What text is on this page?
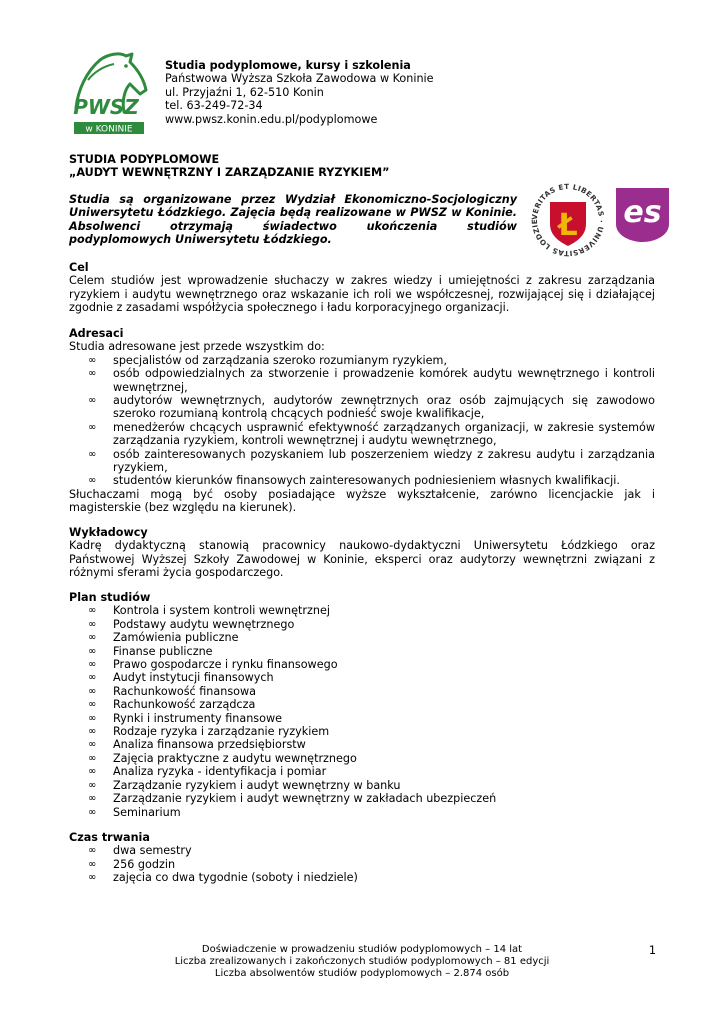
PWSZ
w KONINIE
Studia podyplomowe, kursy i szkolenia
Państwowa Wyższa Szkoła Zawodowa w Koninie
ul. Przyjaźni 1, 62-510 Konin
tel. 63-249-72-34
www.pwsz.konin.edu.pl/podyplomowe
STUDIA PODYPLOMOWE
„AUDYT WEWNĘTRZNY I ZARZĄDZANIE RYZYKIEM”
Studia są organizowane przez Wydział Ekonomiczno-Socjologiczny Uniwersytetu Łódzkiego. Zajęcia będą realizowane w PWSZ w Koninie. Absolwenci otrzymają świadectwo ukończenia studiów podyplomowych Uniwersytetu Łódzkiego.
VERITAS ET LIBERTAS · UNIVERSITAS LODZIE Ł es
Cel
Celem studiów jest wprowadzenie słuchaczy w zakres wiedzy i umiejętności z zakresu zarządzania ryzykiem i audytu wewnętrznego oraz wskazanie ich roli we współczesnej, rozwijającej się i działającej zgodnie z zasadami współżycia społecznego i ładu korporacyjnego organizacji.
Adresaci
Studia adresowane jest przede wszystkim do:
∞ specjalistów od zarządzania szeroko rozumianym ryzykiem,
∞ osób odpowiedzialnych za stworzenie i prowadzenie komórek audytu wewnętrznego i kontroli wewnętrznej,
∞ audytorów wewnętrznych, audytorów zewnętrznych oraz osób zajmujących się zawodowo szeroko rozumianą kontrolą chcących podnieść swoje kwalifikacje,
∞ menedżerów chcących usprawnić efektywność zarządzanych organizacji, w zakresie systemów zarządzania ryzykiem, kontroli wewnętrznej i audytu wewnętrznego,
∞ osób zainteresowanych pozyskaniem lub poszerzeniem wiedzy z zakresu audytu i zarządzania ryzykiem,
∞ studentów kierunków finansowych zainteresowanych podniesieniem własnych kwalifikacji.
Słuchaczami mogą być osoby posiadające wyższe wykształcenie, zarówno licencjackie jak i magisterskie (bez względu na kierunek).
Wykładowcy
Kadrę dydaktyczną stanowią pracownicy naukowo-dydaktyczni Uniwersytetu Łódzkiego oraz Państwowej Wyższej Szkoły Zawodowej w Koninie, eksperci oraz audytorzy wewnętrzni związani z różnymi sferami życia gospodarczego.
Plan studiów
∞ Kontrola i system kontroli wewnętrznej
∞ Podstawy audytu wewnętrznego
∞ Zamówienia publiczne
∞ Finanse publiczne
∞ Prawo gospodarcze i rynku finansowego
∞ Audyt instytucji finansowych
∞ Rachunkowość finansowa
∞ Rachunkowość zarządcza
∞ Rynki i instrumenty finansowe
∞ Rodzaje ryzyka i zarządzanie ryzykiem
∞ Analiza finansowa przedsiębiorstw
∞ Zajęcia praktyczne z audytu wewnętrznego
∞ Analiza ryzyka - identyfikacja i pomiar
∞ Zarządzanie ryzykiem i audyt wewnętrzny w banku
∞ Zarządzanie ryzykiem i audyt wewnętrzny w zakładach ubezpieczeń
∞ Seminarium
Czas trwania
∞ dwa semestry
∞ 256 godzin
∞ zajęcia co dwa tygodnie (soboty i niedziele)
Doświadczenie w prowadzeniu studiów podyplomowych – 14 lat
Liczba zrealizowanych i zakończonych studiów podyplomowych – 81 edycji
Liczba absolwentów studiów podyplomowych – 2.874 osób
1
